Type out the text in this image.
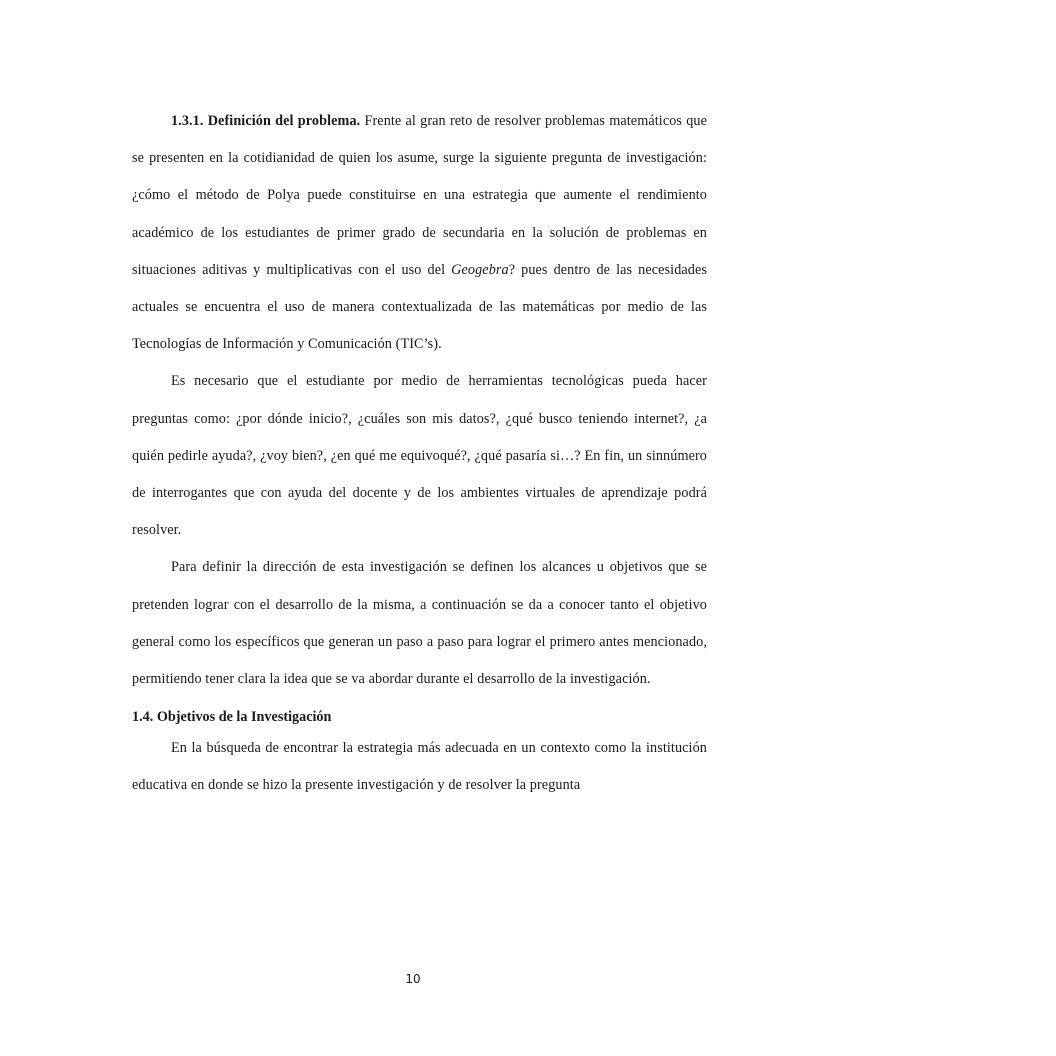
1.3.1. Definición del problema. Frente al gran reto de resolver problemas matemáticos que se presenten en la cotidianidad de quien los asume, surge la siguiente pregunta de investigación: ¿cómo el método de Polya puede constituirse en una estrategia que aumente el rendimiento académico de los estudiantes de primer grado de secundaria en la solución de problemas en situaciones aditivas y multiplicativas con el uso del Geogebra? pues dentro de las necesidades actuales se encuentra el uso de manera contextualizada de las matemáticas por medio de las Tecnologías de Información y Comunicación (TIC’s).

Es necesario que el estudiante por medio de herramientas tecnológicas pueda hacer preguntas como: ¿por dónde inicio?, ¿cuáles son mis datos?, ¿qué busco teniendo internet?, ¿a quién pedirle ayuda?, ¿voy bien?, ¿en qué me equivoqué?, ¿qué pasaría si…? En fin, un sinnúmero de interrogantes que con ayuda del docente y de los ambientes virtuales de aprendizaje podrá resolver.

Para definir la dirección de esta investigación se definen los alcances u objetivos que se pretenden lograr con el desarrollo de la misma, a continuación se da a conocer tanto el objetivo general como los específicos que generan un paso a paso para lograr el primero antes mencionado, permitiendo tener clara la idea que se va abordar durante el desarrollo de la investigación.

1.4. Objetivos de la Investigación

En la búsqueda de encontrar la estrategia más adecuada en un contexto como la institución educativa en donde se hizo la presente investigación y de resolver la pregunta

10
